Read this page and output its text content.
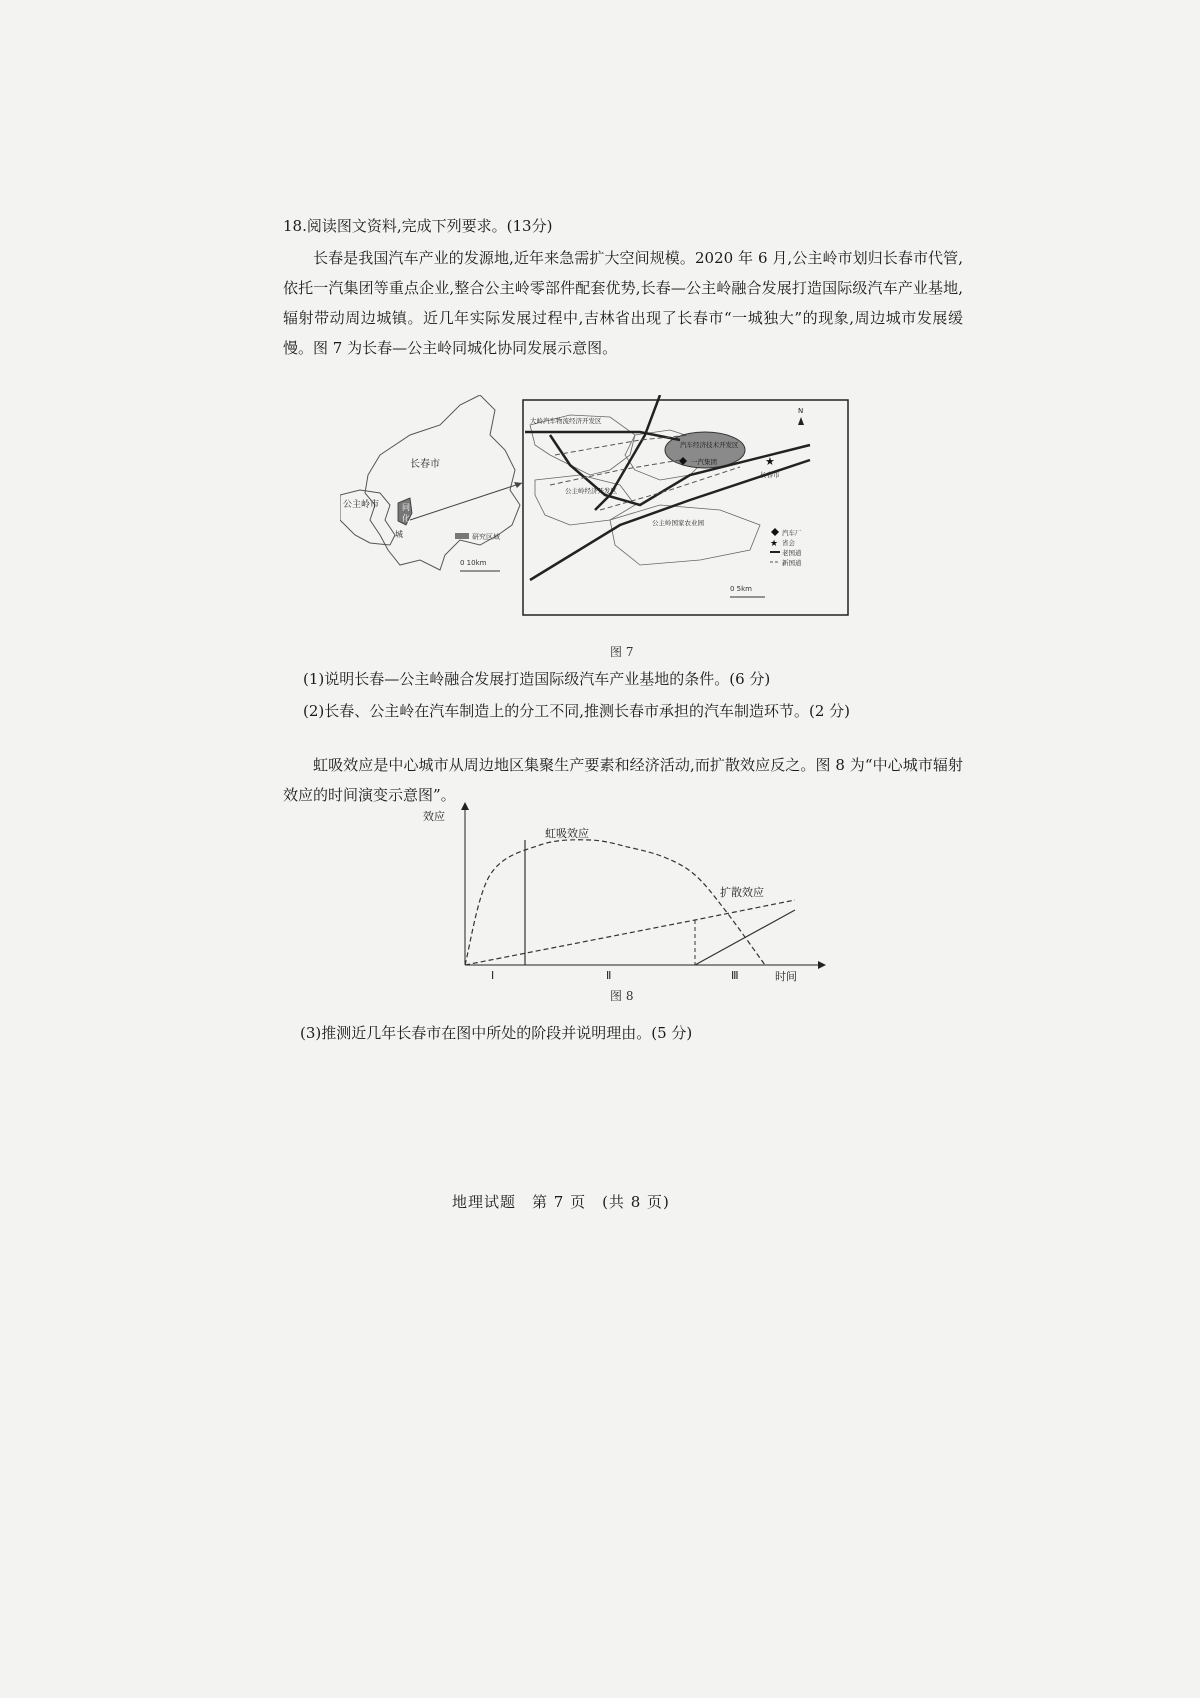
18.阅读图文资料,完成下列要求。(13分)

长春是我国汽车产业的发源地,近年来急需扩大空间规模。2020 年 6 月,公主岭市划归长春市代管,依托一汽集团等重点企业,整合公主岭零部件配套优势,长春—公主岭融合发展打造国际级汽车产业基地,辐射带动周边城镇。近几年实际发展过程中,吉林省出现了长春市“一城独大”的现象,周边城市发展缓慢。图 7 为长春—公主岭同城化协同发展示意图。

长春市
公主岭市	同
化
城	研究区域
0 10km
N
汽车经济技术开发区
一汽集团	★
长春市
大岭汽车物流经济开发区
公主岭经济开发区
公主岭国家农业园
汽车厂
★ 省会
老国道
新国道
0 5km
图 7

(1)说明长春—公主岭融合发展打造国际级汽车产业基地的条件。(6 分)

(2)长春、公主岭在汽车制造上的分工不同,推测长春市承担的汽车制造环节。(2 分)

虹吸效应是中心城市从周边地区集聚生产要素和经济活动,而扩散效应反之。图 8 为“中心城市辐射效应的时间演变示意图”。

效应
时间
虹吸效应
扩散效应
Ⅰ	Ⅱ	Ⅲ
图 8

(3)推测近几年长春市在图中所处的阶段并说明理由。(5 分)

地理试题　第 7 页　(共 8 页)
